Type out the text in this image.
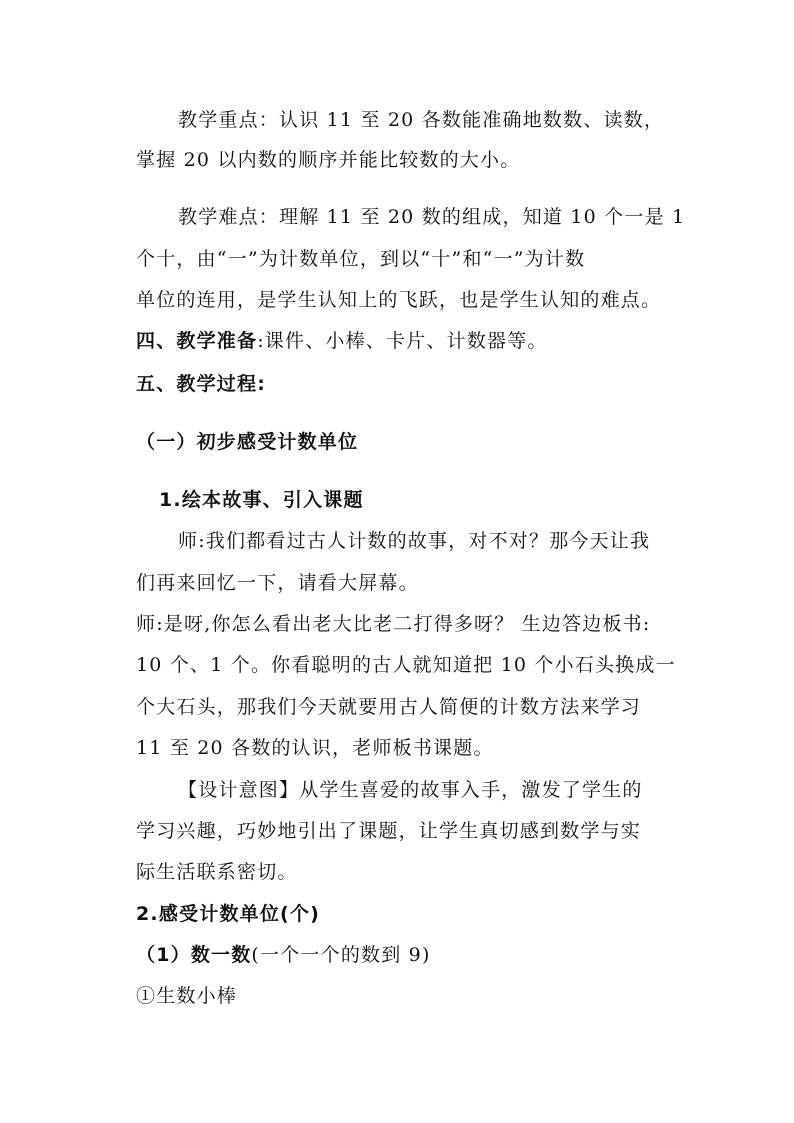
教学重点：认识 11 至 20 各数能准确地数数、读数，
掌握 20 以内数的顺序并能比较数的大小。
教学难点：理解 11 至 20 数的组成，知道 10 个一是 1
个十，由“一”为计数单位，到以“十”和“一”为计数
单位的连用，是学生认知上的飞跃，也是学生认知的难点。
四、教学准备:课件、小棒、卡片、计数器等。
五、教学过程:
（一）初步感受计数单位
1.绘本故事、引入课题
师:我们都看过古人计数的故事，对不对？那今天让我
们再来回忆一下，请看大屏幕。
师:是呀,你怎么看出老大比老二打得多呀？ 生边答边板书:
10 个、1 个。你看聪明的古人就知道把 10 个小石头换成一
个大石头，那我们今天就要用古人简便的计数方法来学习
11 至 20 各数的认识，老师板书课题。
【设计意图】从学生喜爱的故事入手，激发了学生的
学习兴趣，巧妙地引出了课题，让学生真切感到数学与实
际生活联系密切。
2.感受计数单位(个)
（1）数一数(一个一个的数到 9)
①生数小棒
